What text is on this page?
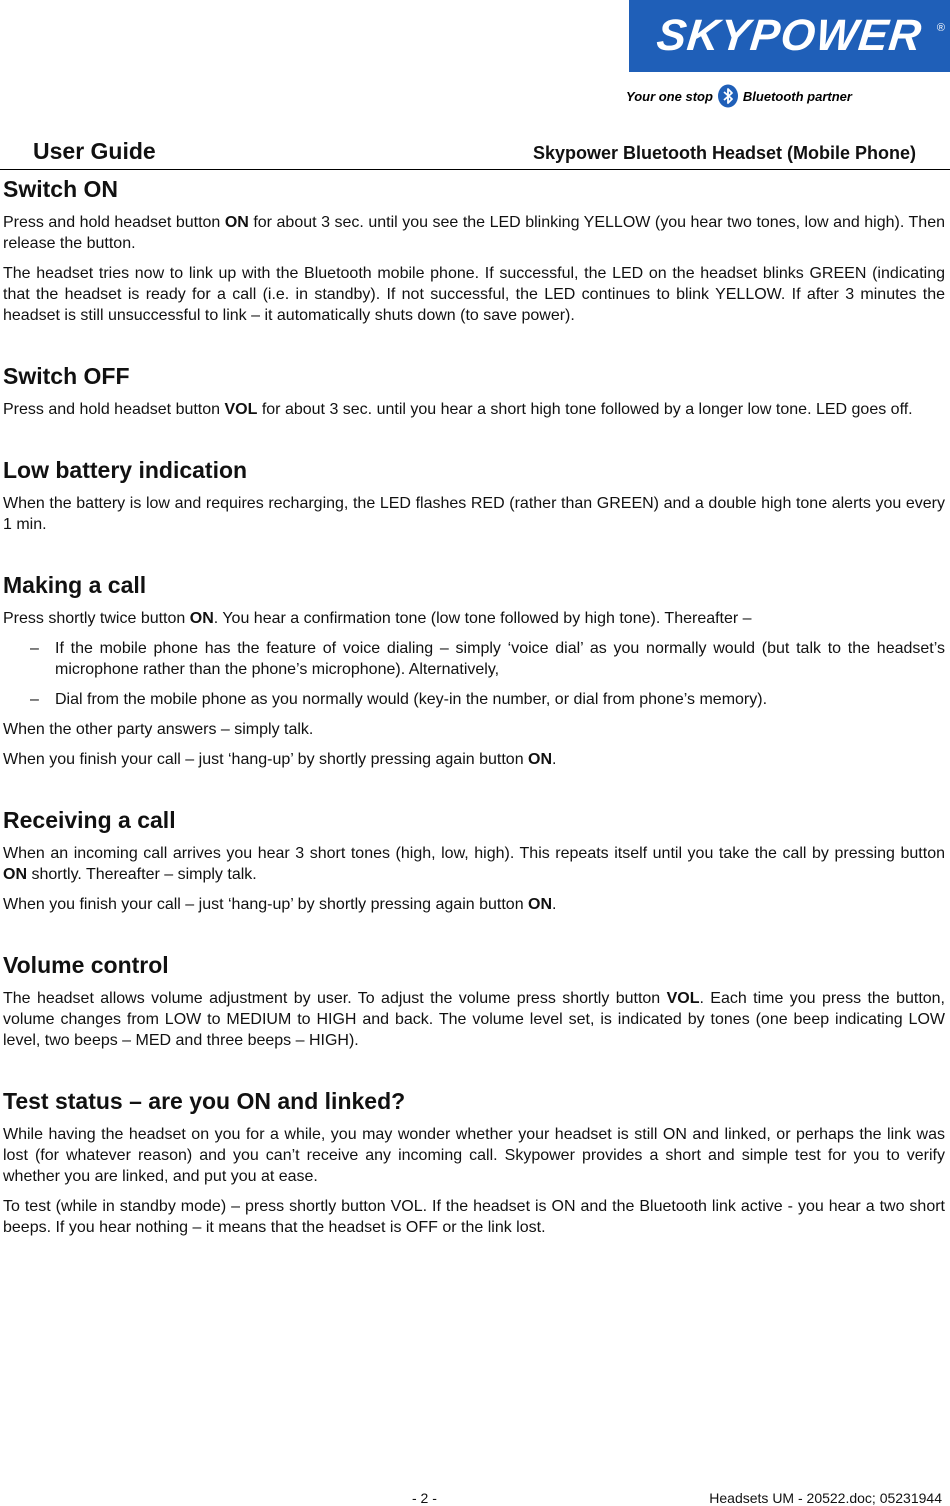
SKYPOWER ®
Your one stop Bluetooth partner
User Guide	Skypower Bluetooth Headset (Mobile Phone)
Switch ON

Press and hold headset button ON for about 3 sec. until you see the LED blinking YELLOW (you hear two tones, low and high). Then release the button.

The headset tries now to link up with the Bluetooth mobile phone. If successful, the LED on the headset blinks GREEN (indicating that the headset is ready for a call (i.e. in standby). If not successful, the LED continues to blink YELLOW. If after 3 minutes the headset is still unsuccessful to link – it automatically shuts down (to save power).

Switch OFF

Press and hold headset button VOL for about 3 sec. until you hear a short high tone followed by a longer low tone. LED goes off.

Low battery indication

When the battery is low and requires recharging, the LED flashes RED (rather than GREEN) and a double high tone alerts you every 1 min.

Making a call

Press shortly twice button ON. You hear a confirmation tone (low tone followed by high tone). Thereafter –

–	If the mobile phone has the feature of voice dialing – simply ‘voice dial’ as you normally would (but talk to the headset’s microphone rather than the phone’s microphone). Alternatively,
–	Dial from the mobile phone as you normally would (key-in the number, or dial from phone’s memory).

When the other party answers – simply talk.

When you finish your call – just ‘hang-up’ by shortly pressing again button ON.

Receiving a call

When an incoming call arrives you hear 3 short tones (high, low, high). This repeats itself until you take the call by pressing button ON shortly. Thereafter – simply talk.

When you finish your call – just ‘hang-up’ by shortly pressing again button ON.

Volume control

The headset allows volume adjustment by user. To adjust the volume press shortly button VOL. Each time you press the button, volume changes from LOW to MEDIUM to HIGH and back. The volume level set, is indicated by tones (one beep indicating LOW level, two beeps – MED and three beeps – HIGH).

Test status – are you ON and linked?

While having the headset on you for a while, you may wonder whether your headset is still ON and linked, or perhaps the link was lost (for whatever reason) and you can’t receive any incoming call. Skypower provides a short and simple test for you to verify whether you are linked, and put you at ease.

To test (while in standby mode) – press shortly button VOL. If the headset is ON and the Bluetooth link active - you hear a two short beeps. If you hear nothing – it means that the headset is OFF or the link lost.

- 2 -	Headsets UM - 20522.doc; 05231944
